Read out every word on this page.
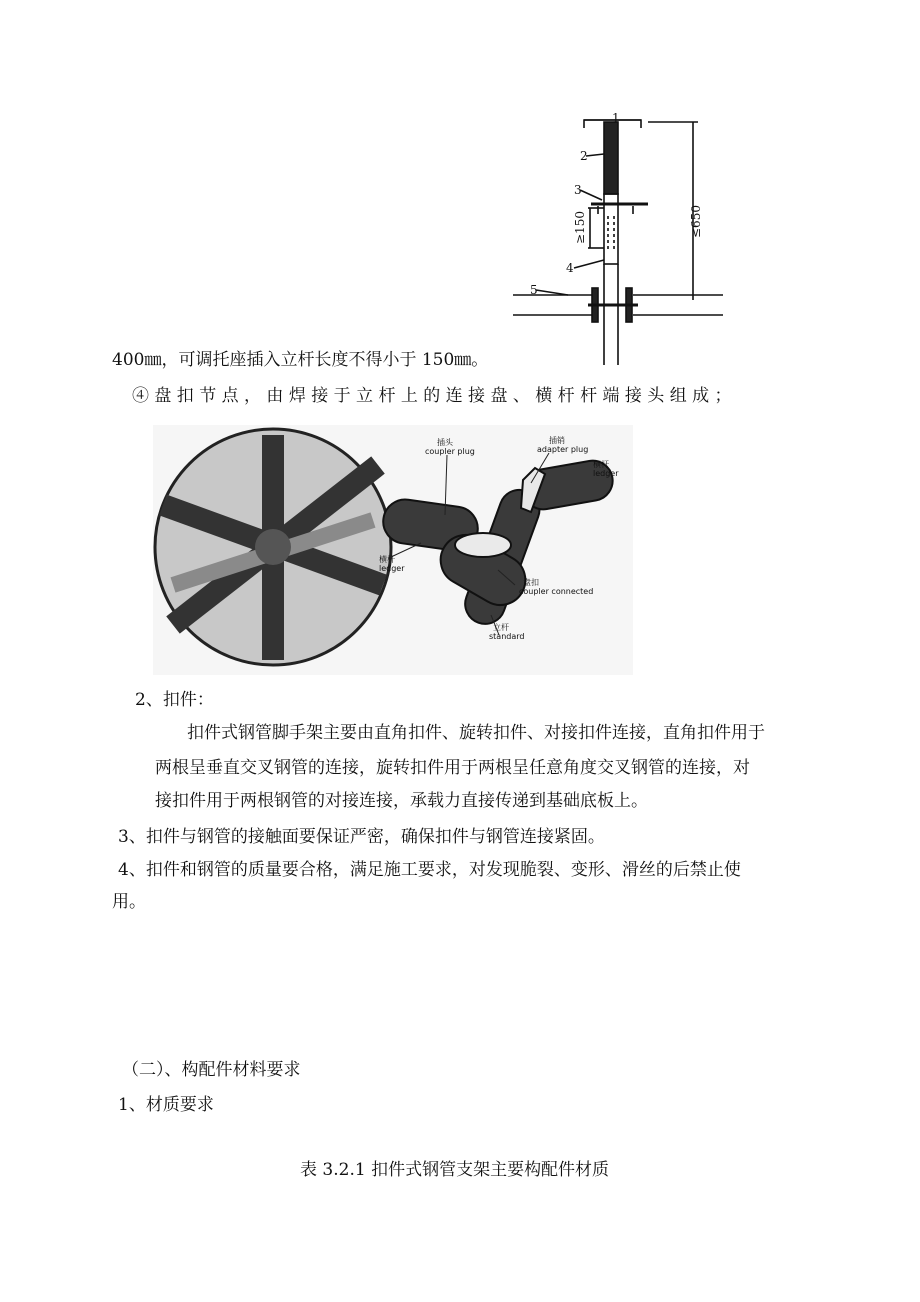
1
2
3
4
5
≤650
≥150
400㎜，可调托座插入立杆长度不得小于 150㎜。
④ 盘 扣 节 点 ， 由 焊 接 于 立 杆 上 的 连 接 盘 、 横 杆 杆 端 接 头 组 成 ；
插头
coupler plug
插销
adapter plug
横杆
ledger
横杆
ledger
盘扣
coupler connected
立杆
standard
2、扣件：
扣件式钢管脚手架主要由直角扣件、旋转扣件、对接扣件连接，直角扣件用于
两根呈垂直交叉钢管的连接，旋转扣件用于两根呈任意角度交叉钢管的连接，对
接扣件用于两根钢管的对接连接，承载力直接传递到基础底板上。
3、扣件与钢管的接触面要保证严密，确保扣件与钢管连接紧固。
4、扣件和钢管的质量要合格，满足施工要求，对发现脆裂、变形、滑丝的后禁止使
用。
（二）、构配件材料要求
1、材质要求
表 3.2.1 扣件式钢管支架主要构配件材质
